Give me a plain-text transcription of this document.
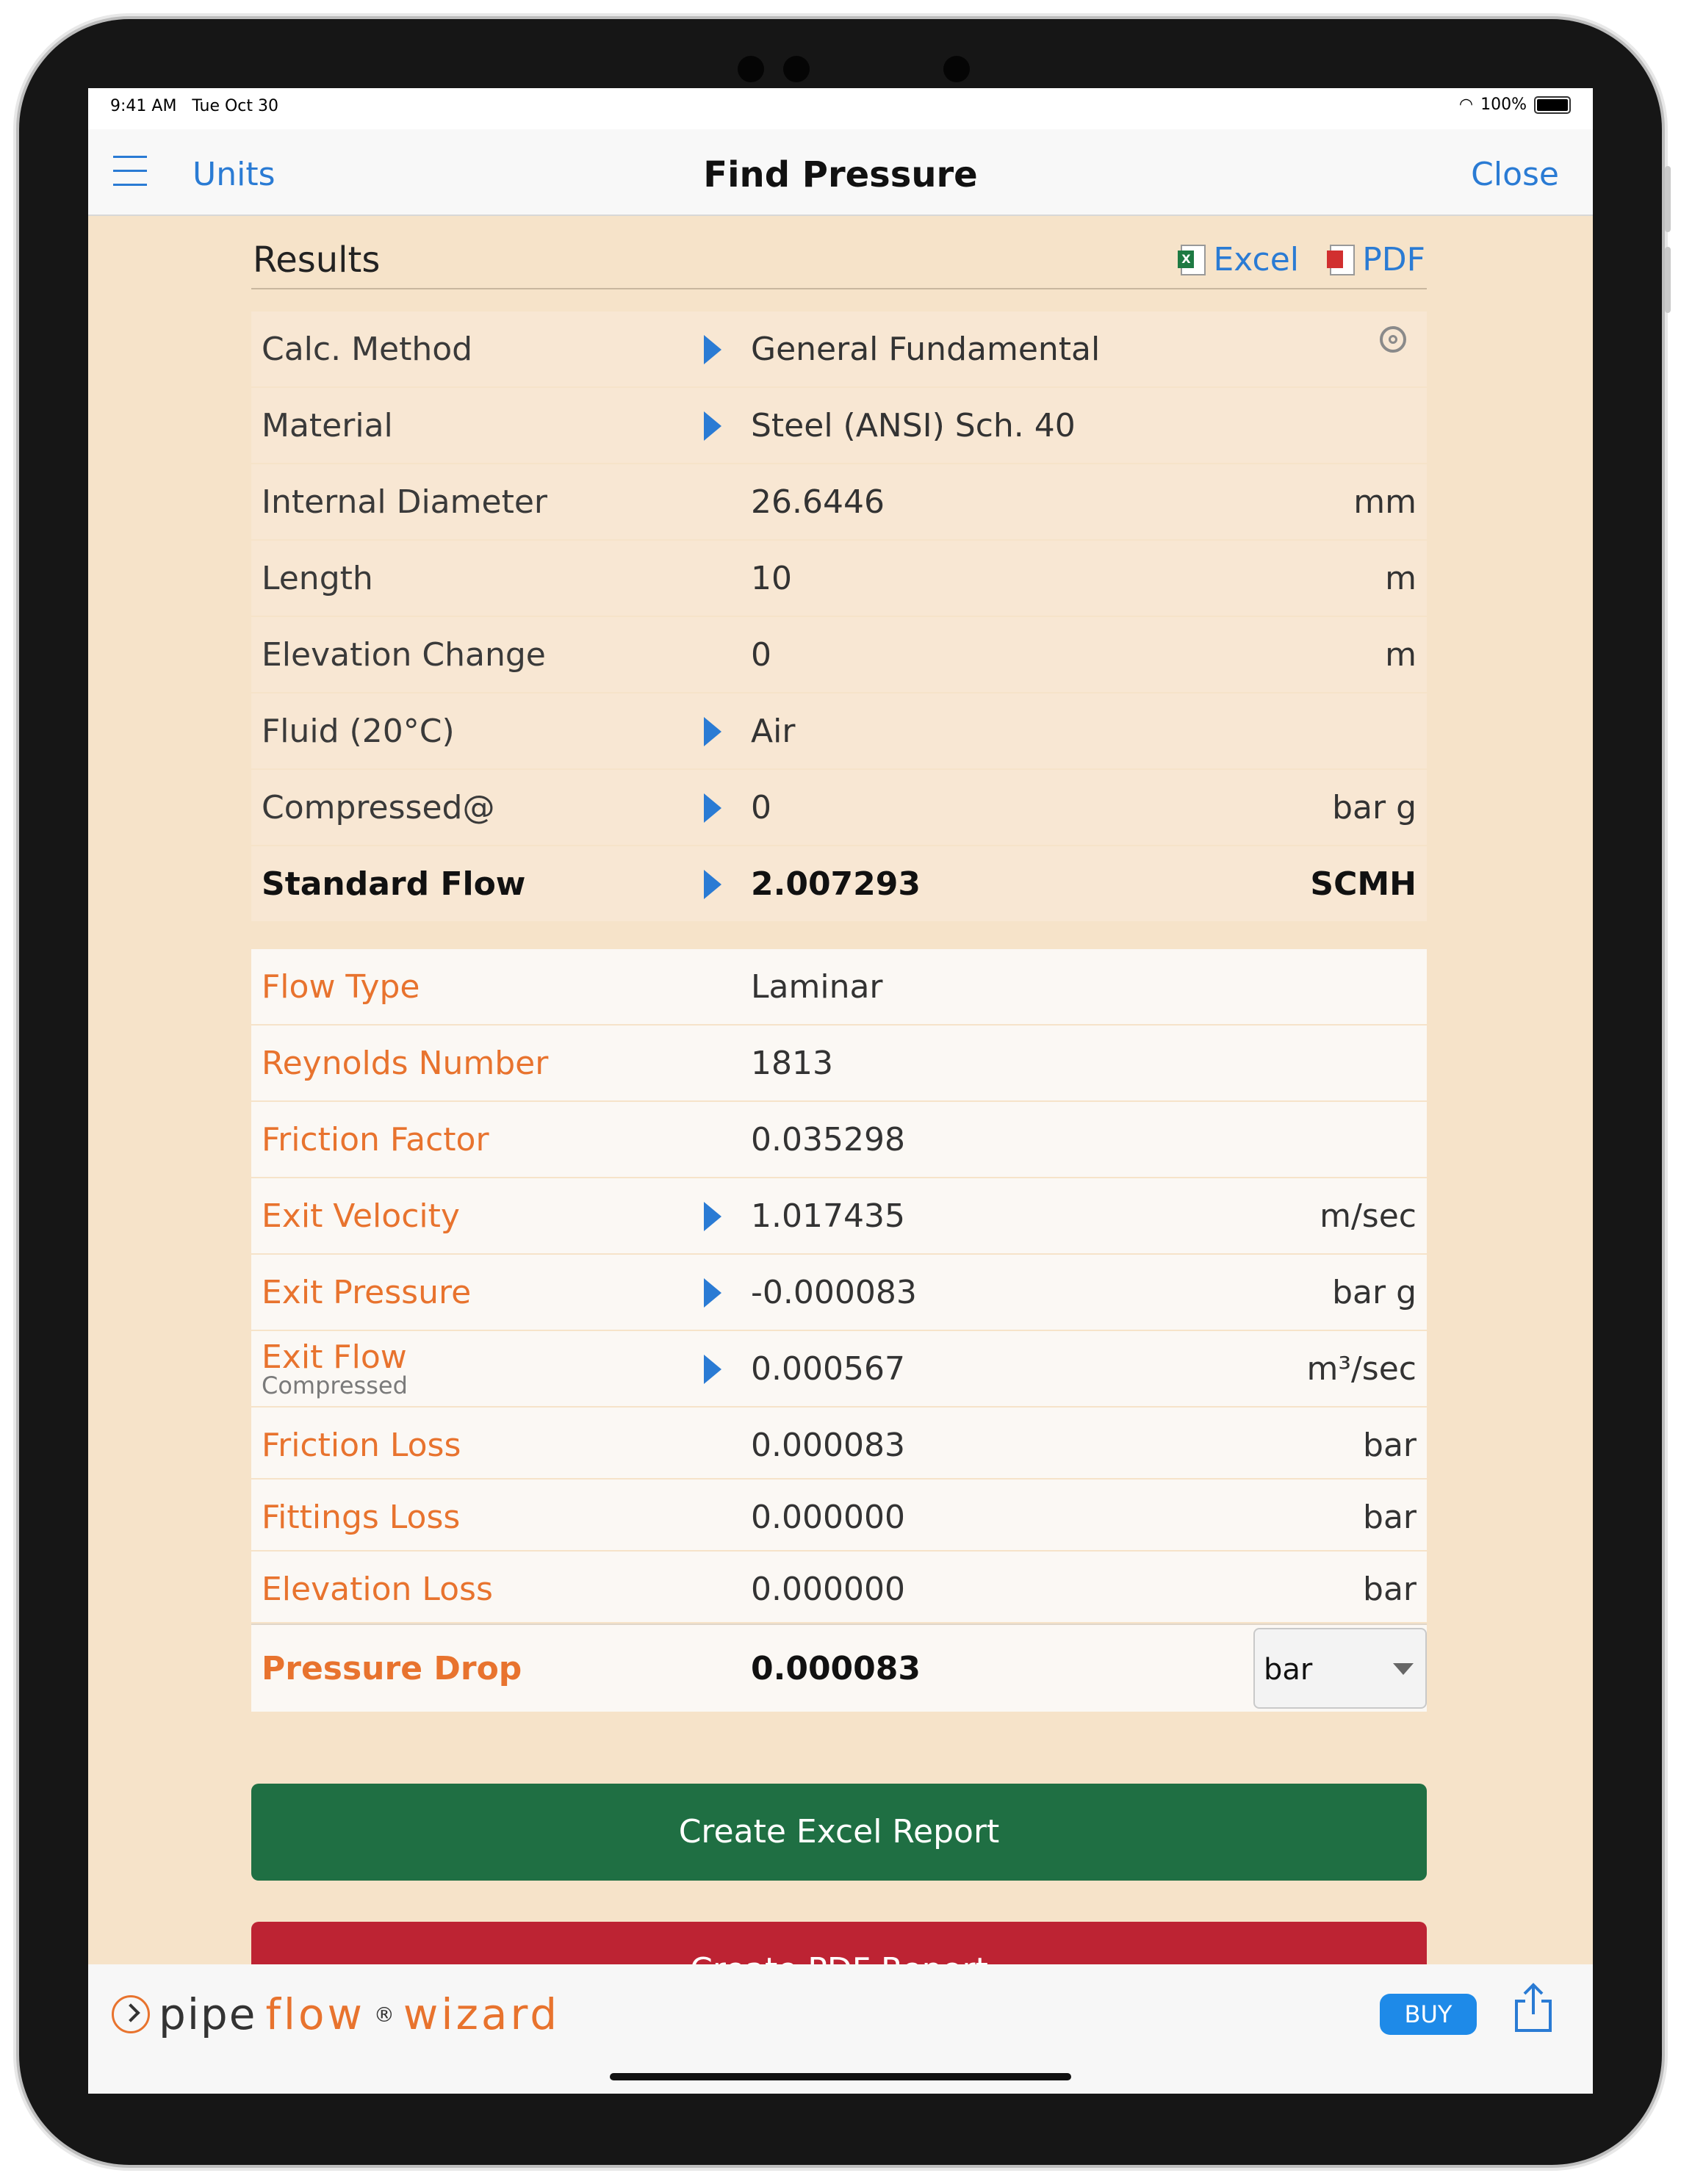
9:41 AM Tue Oct 30	◠ 100%
Units	Find Pressure	Close
Results
X	Excel PDF
Calc. Method	General Fundamental
Material	Steel (ANSI) Sch. 40
Internal Diameter	26.6446	mm
Length	10	m
Elevation Change	0	m
Fluid (20°C)	Air
Compressed@	0	bar g
Standard Flow	2.007293	SCMH
Flow Type	Laminar
Reynolds Number	1813
Friction Factor	0.035298
Exit Velocity	1.017435	m/sec
Exit Pressure	-0.000083	bar g
Exit Flow
Compressed	0.000567	m³/sec
Friction Loss	0.000083	bar
Fittings Loss	0.000000	bar
Elevation Loss	0.000000	bar
Pressure Drop	0.000083	bar
Create Excel Report
pipe flow ® wizard	BUY
